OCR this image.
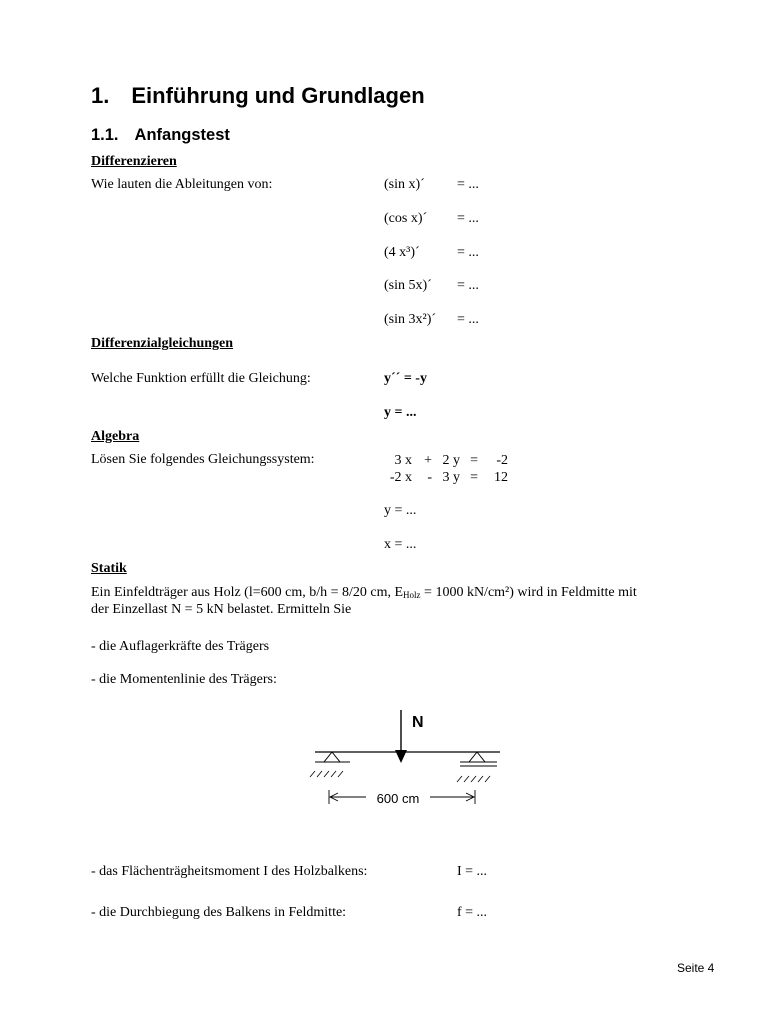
1. Einführung und Grundlagen
1.1. Anfangstest
Differenzieren
Wie lauten die Ableitungen von:	(sin x)´ = ...
(cos x)´ = ...
(4 x³)´	= ...
(sin 5x)´ = ...
(sin 3x²)´ = ...
Differenzialgleichungen
Welche Funktion erfüllt die Gleichung:	y´´ = -y
y = ...
Algebra
Lösen Sie folgendes Gleichungssystem:	3 x + 2 y =	-2
-2 x	- 3 y =	12
y = ...
x = ...
Statik
Ein Einfeldträger aus Holz (l=600 cm, b/h = 8/20 cm, $E_{Holz} = 1000$ kN/cm²) wird in Feldmitte mit
der Einzellast N = 5 kN belastet. Ermitteln Sie
- die Auflagerkräfte des Trägers
- die Momentenlinie des Trägers:
N
600 cm
- das Flächenträgheitsmoment I des Holzbalkens:	I = ...
- die Durchbiegung des Balkens in Feldmitte:	f = ...
Seite 4
